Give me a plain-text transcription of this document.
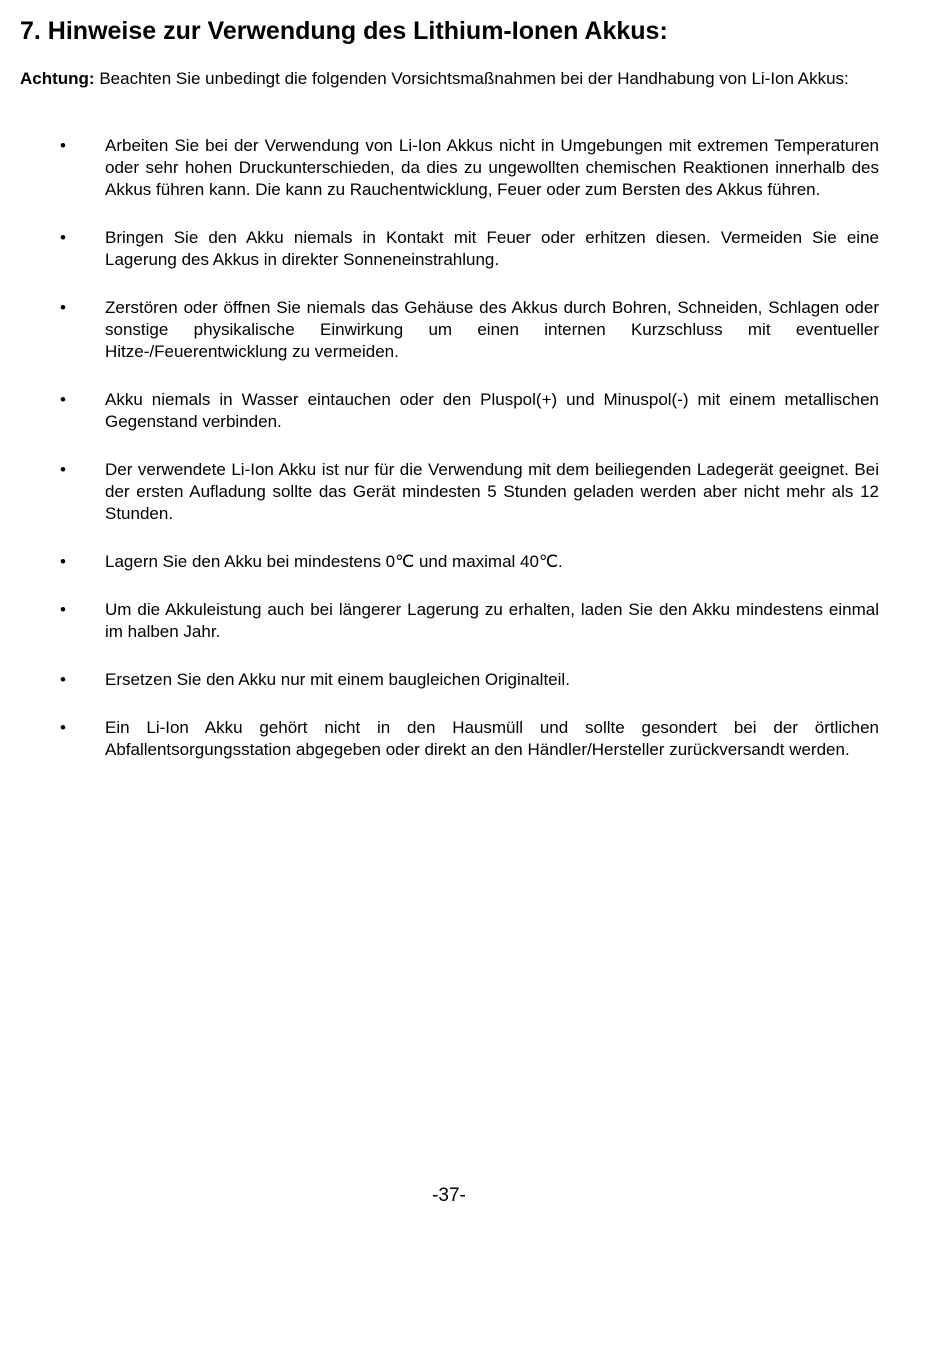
7. Hinweise zur Verwendung des Lithium-Ionen Akkus:

Achtung: Beachten Sie unbedingt die folgenden Vorsichtsmaßnahmen bei der Handhabung von Li-Ion Akkus:

•	Arbeiten Sie bei der Verwendung von Li-Ion Akkus nicht in Umgebungen mit extremen Temperaturen oder sehr hohen Druckunterschieden, da dies zu ungewollten chemischen Reaktionen innerhalb des Akkus führen kann. Die kann zu Rauchentwicklung, Feuer oder zum Bersten des Akkus führen.
•	Bringen Sie den Akku niemals in Kontakt mit Feuer oder erhitzen diesen. Vermeiden Sie eine Lagerung des Akkus in direkter Sonneneinstrahlung.
•	Zerstören oder öffnen Sie niemals das Gehäuse des Akkus durch Bohren, Schneiden, Schlagen oder sonstige physikalische Einwirkung um einen internen Kurzschluss mit eventueller Hitze-/Feuerentwicklung zu vermeiden.
•	Akku niemals in Wasser eintauchen oder den Pluspol(+) und Minuspol(-) mit einem metallischen Gegenstand verbinden.
•	Der verwendete Li-Ion Akku ist nur für die Verwendung mit dem beiliegenden Ladegerät geeignet. Bei der ersten Aufladung sollte das Gerät mindesten 5 Stunden geladen werden aber nicht mehr als 12 Stunden.
•	Lagern Sie den Akku bei mindestens 0℃ und maximal 40℃.
•	Um die Akkuleistung auch bei längerer Lagerung zu erhalten, laden Sie den Akku mindestens einmal im halben Jahr.
•	Ersetzen Sie den Akku nur mit einem baugleichen Originalteil.
•	Ein Li-Ion Akku gehört nicht in den Hausmüll und sollte gesondert bei der örtlichen Abfallentsorgungsstation abgegeben oder direkt an den Händler/Hersteller zurückversandt werden.

-37-
